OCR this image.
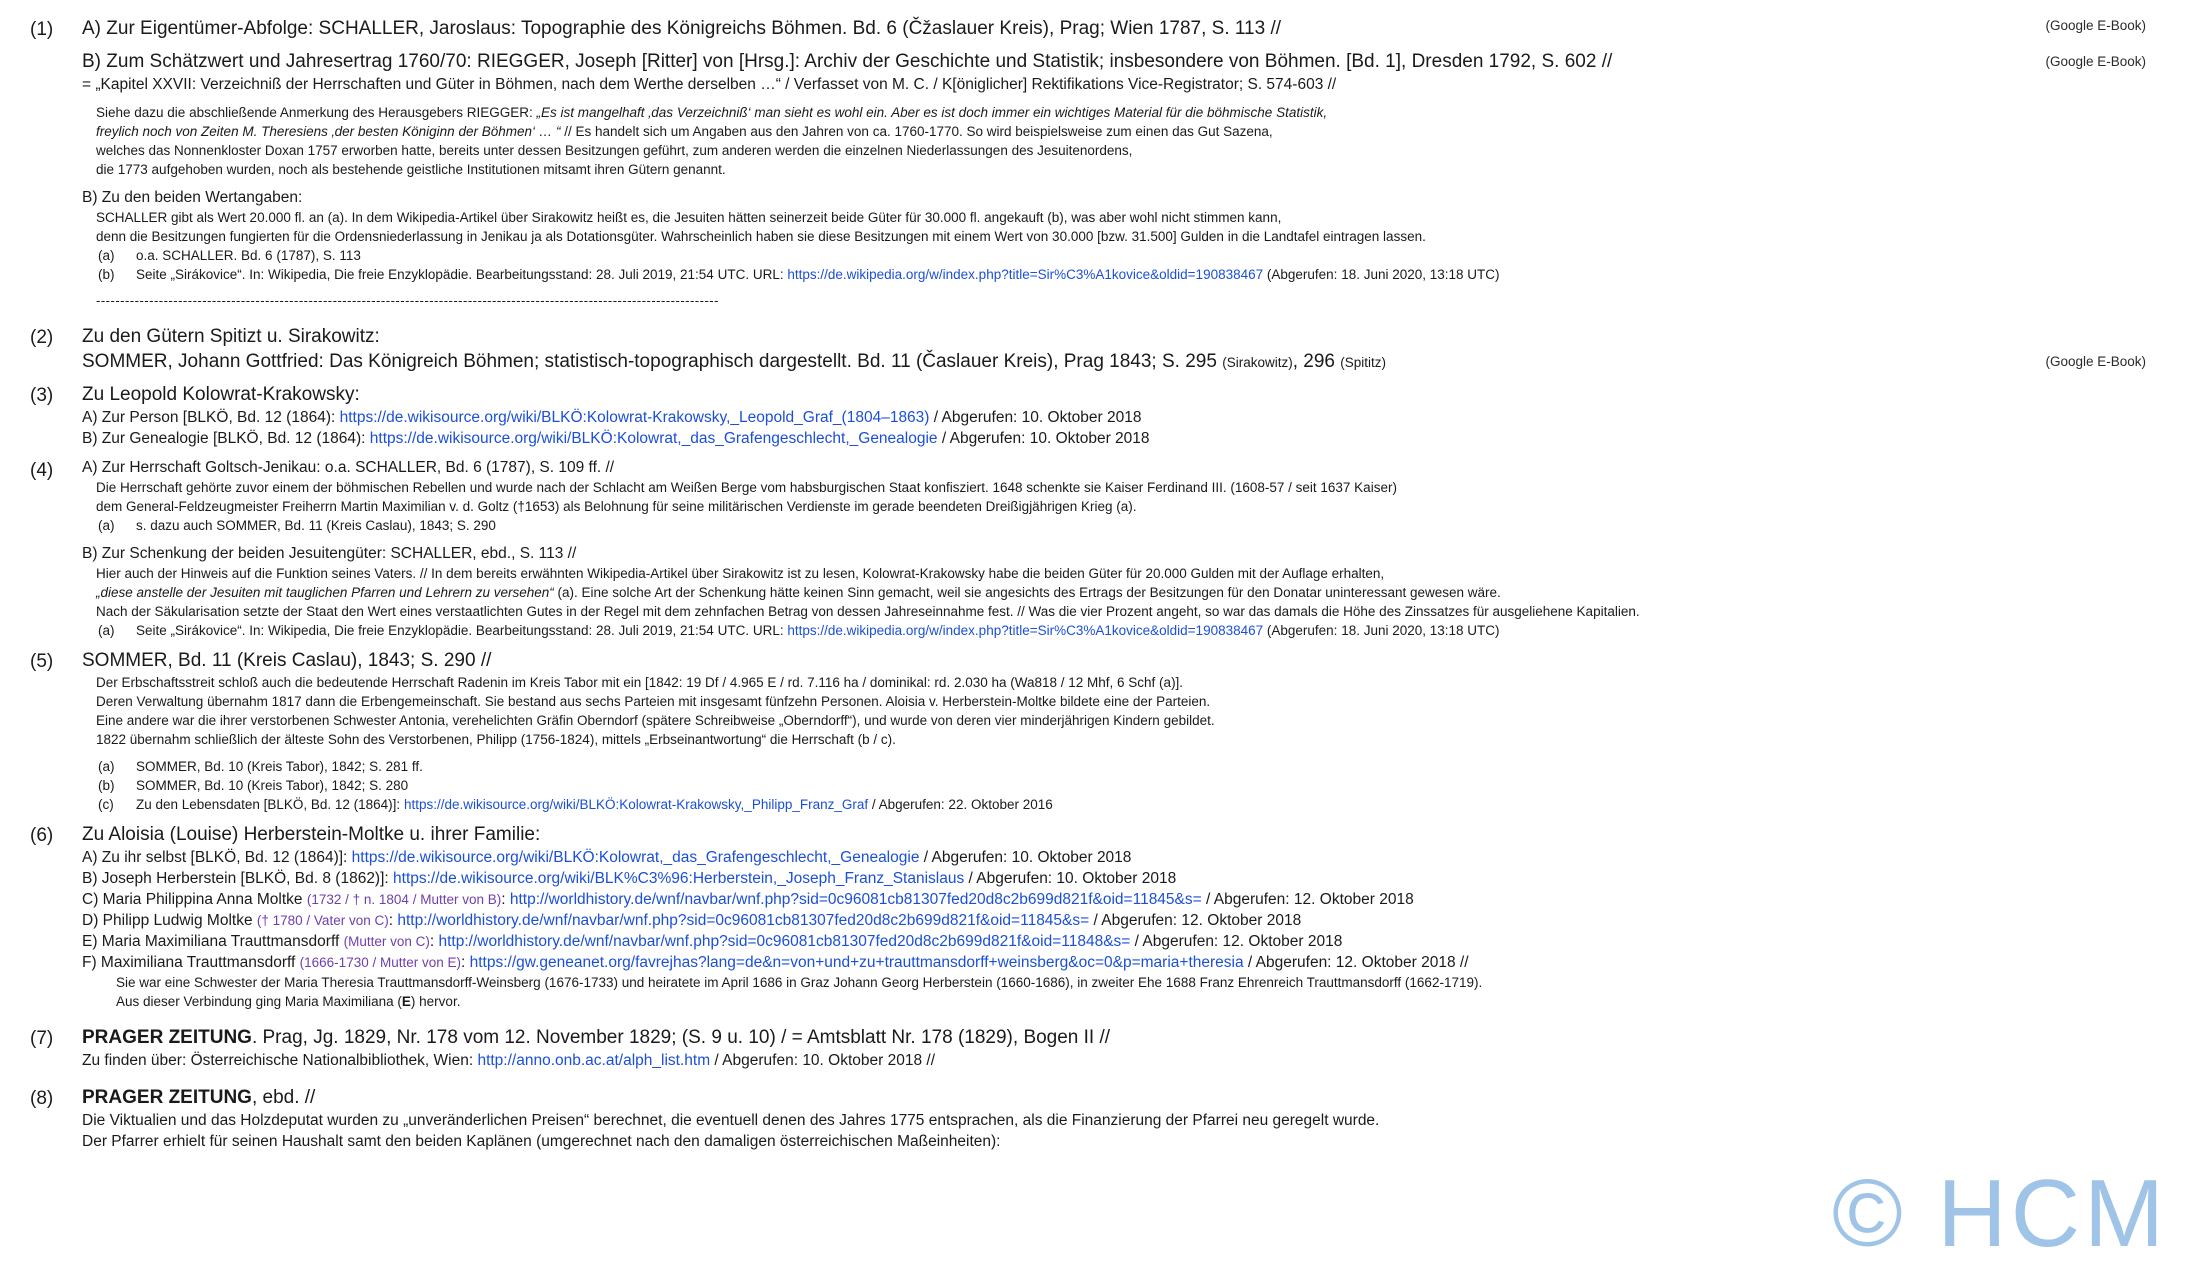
(1)	A) Zur Eigentümer-Abfolge: SCHALLER, Jaroslaus: Topographie des Königreichs Böhmen. Bd. 6 (Čžaslauer Kreis), Prag; Wien 1787, S. 113 //
B) Zum Schätzwert und Jahresertrag 1760/70: RIEGGER, Joseph [Ritter] von [Hrsg.]: Archiv der Geschichte und Statistik; insbesondere von Böhmen. [Bd. 1], Dresden 1792, S. 602 //
= „Kapitel XXVII: Verzeichniß der Herrschaften und Güter in Böhmen, nach dem Werthe derselben …“ / Verfasset von M. C. / K[öniglicher] Rektifikations Vice-Registrator; S. 574-603 //
Siehe dazu die abschließende Anmerkung des Herausgebers RIEGGER: „Es ist mangelhaft ‚das Verzeichniß‘ man sieht es wohl ein. Aber es ist doch immer ein wichtiges Material für die böhmische Statistik,
freylich noch von Zeiten M. Theresiens ‚der besten Königinn der Böhmen‘ … “ // Es handelt sich um Angaben aus den Jahren von ca. 1760-1770. So wird beispielsweise zum einen das Gut Sazena,
welches das Nonnenkloster Doxan 1757 erworben hatte, bereits unter dessen Besitzungen geführt, zum anderen werden die einzelnen Niederlassungen des Jesuitenordens,
die 1773 aufgehoben wurden, noch als bestehende geistliche Institutionen mitsamt ihren Gütern genannt.
B) Zu den beiden Wertangaben:
SCHALLER gibt als Wert 20.000 fl. an (a). In dem Wikipedia-Artikel über Sirakowitz heißt es, die Jesuiten hätten seinerzeit beide Güter für 30.000 fl. angekauft (b), was aber wohl nicht stimmen kann,
denn die Besitzungen fungierten für die Ordensniederlassung in Jenikau ja als Dotationsgüter. Wahrscheinlich haben sie diese Besitzungen mit einem Wert von 30.000 [bzw. 31.500] Gulden in die Landtafel eintragen lassen.
(a)	o.a. SCHALLER. Bd. 6 (1787), S. 113
(b)	Seite „Sirákovice“. In: Wikipedia, Die freie Enzyklopädie. Bearbeitungsstand: 28. Juli 2019, 21:54 UTC. URL: https://de.wikipedia.org/w/index.php?title=Sir%C3%A1kovice&oldid=190838467 (Abgerufen: 18. Juni 2020, 13:18 UTC)
---------------------------------------------------------------------------------------------------------------------------------
(Google E-Book)
(Google E-Book)
(2)	Zu den Gütern Spitizt u. Sirakowitz:
SOMMER, Johann Gottfried: Das Königreich Böhmen; statistisch-topographisch dargestellt. Bd. 11 (Časlauer Kreis), Prag 1843; S. 295 (Sirakowitz), 296 (Spititz)	(Google E-Book)
(3)	Zu Leopold Kolowrat-Krakowsky:
A) Zur Person [BLKÖ, Bd. 12 (1864): https://de.wikisource.org/wiki/BLKÖ:Kolowrat-Krakowsky,_Leopold_Graf_(1804–1863) / Abgerufen: 10. Oktober 2018
B) Zur Genealogie [BLKÖ, Bd. 12 (1864): https://de.wikisource.org/wiki/BLKÖ:Kolowrat,_das_Grafengeschlecht,_Genealogie / Abgerufen: 10. Oktober 2018
(4)	A) Zur Herrschaft Goltsch-Jenikau: o.a. SCHALLER, Bd. 6 (1787), S. 109 ff. //
Die Herrschaft gehörte zuvor einem der böhmischen Rebellen und wurde nach der Schlacht am Weißen Berge vom habsburgischen Staat konfisziert. 1648 schenkte sie Kaiser Ferdinand III. (1608-57 / seit 1637 Kaiser)
dem General-Feldzeugmeister Freiherrn Martin Maximilian v. d. Goltz (†1653) als Belohnung für seine militärischen Verdienste im gerade beendeten Dreißigjährigen Krieg (a).
(a)	s. dazu auch SOMMER, Bd. 11 (Kreis Caslau), 1843; S. 290
B) Zur Schenkung der beiden Jesuitengüter: SCHALLER, ebd., S. 113 //
Hier auch der Hinweis auf die Funktion seines Vaters. // In dem bereits erwähnten Wikipedia-Artikel über Sirakowitz ist zu lesen, Kolowrat-Krakowsky habe die beiden Güter für 20.000 Gulden mit der Auflage erhalten,
„diese anstelle der Jesuiten mit tauglichen Pfarren und Lehrern zu versehen“ (a). Eine solche Art der Schenkung hätte keinen Sinn gemacht, weil sie angesichts des Ertrags der Besitzungen für den Donatar uninteressant gewesen wäre.
Nach der Säkularisation setzte der Staat den Wert eines verstaatlichten Gutes in der Regel mit dem zehnfachen Betrag von dessen Jahreseinnahme fest. // Was die vier Prozent angeht, so war das damals die Höhe des Zinssatzes für ausgeliehene Kapitalien.
(a)	Seite „Sirákovice“. In: Wikipedia, Die freie Enzyklopädie. Bearbeitungsstand: 28. Juli 2019, 21:54 UTC. URL: https://de.wikipedia.org/w/index.php?title=Sir%C3%A1kovice&oldid=190838467 (Abgerufen: 18. Juni 2020, 13:18 UTC)
(5)	SOMMER, Bd. 11 (Kreis Caslau), 1843; S. 290 //
Der Erbschaftsstreit schloß auch die bedeutende Herrschaft Radenin im Kreis Tabor mit ein [1842: 19 Df / 4.965 E / rd. 7.116 ha / dominikal: rd. 2.030 ha (Wa818 / 12 Mhf, 6 Schf (a)].
Deren Verwaltung übernahm 1817 dann die Erbengemeinschaft. Sie bestand aus sechs Parteien mit insgesamt fünfzehn Personen. Aloisia v. Herberstein-Moltke bildete eine der Parteien.
Eine andere war die ihrer verstorbenen Schwester Antonia, verehelichten Gräfin Oberndorf (spätere Schreibweise „Oberndorff“), und wurde von deren vier minderjährigen Kindern gebildet.
1822 übernahm schließlich der älteste Sohn des Verstorbenen, Philipp (1756-1824), mittels „Erbseinantwortung“ die Herrschaft (b / c).
(a)	SOMMER, Bd. 10 (Kreis Tabor), 1842; S. 281 ff.
(b)	SOMMER, Bd. 10 (Kreis Tabor), 1842; S. 280
(c)	Zu den Lebensdaten [BLKÖ, Bd. 12 (1864)]: https://de.wikisource.org/wiki/BLKÖ:Kolowrat-Krakowsky,_Philipp_Franz_Graf / Abgerufen: 22. Oktober 2016
(6)	Zu Aloisia (Louise) Herberstein-Moltke u. ihrer Familie:
A) Zu ihr selbst [BLKÖ, Bd. 12 (1864)]: https://de.wikisource.org/wiki/BLKÖ:Kolowrat,_das_Grafengeschlecht,_Genealogie / Abgerufen: 10. Oktober 2018
B) Joseph Herberstein [BLKÖ, Bd. 8 (1862)]: https://de.wikisource.org/wiki/BLK%C3%96:Herberstein,_Joseph_Franz_Stanislaus / Abgerufen: 10. Oktober 2018
C) Maria Philippina Anna Moltke (1732 / † n. 1804 / Mutter von B): http://worldhistory.de/wnf/navbar/wnf.php?sid=0c96081cb81307fed20d8c2b699d821f&oid=11845&s= / Abgerufen: 12. Oktober 2018
D) Philipp Ludwig Moltke († 1780 / Vater von C): http://worldhistory.de/wnf/navbar/wnf.php?sid=0c96081cb81307fed20d8c2b699d821f&oid=11845&s= / Abgerufen: 12. Oktober 2018
E) Maria Maximiliana Trauttmansdorff (Mutter von C): http://worldhistory.de/wnf/navbar/wnf.php?sid=0c96081cb81307fed20d8c2b699d821f&oid=11848&s= / Abgerufen: 12. Oktober 2018
F) Maximiliana Trauttmansdorff (1666-1730 / Mutter von E): https://gw.geneanet.org/favrejhas?lang=de&n=von+und+zu+trauttmansdorff+weinsberg&oc=0&p=maria+theresia / Abgerufen: 12. Oktober 2018 //
Sie war eine Schwester der Maria Theresia Trauttmansdorff-Weinsberg (1676-1733) und heiratete im April 1686 in Graz Johann Georg Herberstein (1660-1686), in zweiter Ehe 1688 Franz Ehrenreich Trauttmansdorff (1662-1719).
Aus dieser Verbindung ging Maria Maximiliana (E) hervor.
(7)	PRAGER ZEITUNG. Prag, Jg. 1829, Nr. 178 vom 12. November 1829; (S. 9 u. 10) / = Amtsblatt Nr. 178 (1829), Bogen II //
Zu finden über: Österreichische Nationalbibliothek, Wien: http://anno.onb.ac.at/alph_list.htm / Abgerufen: 10. Oktober 2018 //
(8)	PRAGER ZEITUNG, ebd. //
Die Viktualien und das Holzdeputat wurden zu „unveränderlichen Preisen“ berechnet, die eventuell denen des Jahres 1775 entsprachen, als die Finanzierung der Pfarrei neu geregelt wurde.
Der Pfarrer erhielt für seinen Haushalt samt den beiden Kaplänen (umgerechnet nach den damaligen österreichischen Maßeinheiten):
© HCM
